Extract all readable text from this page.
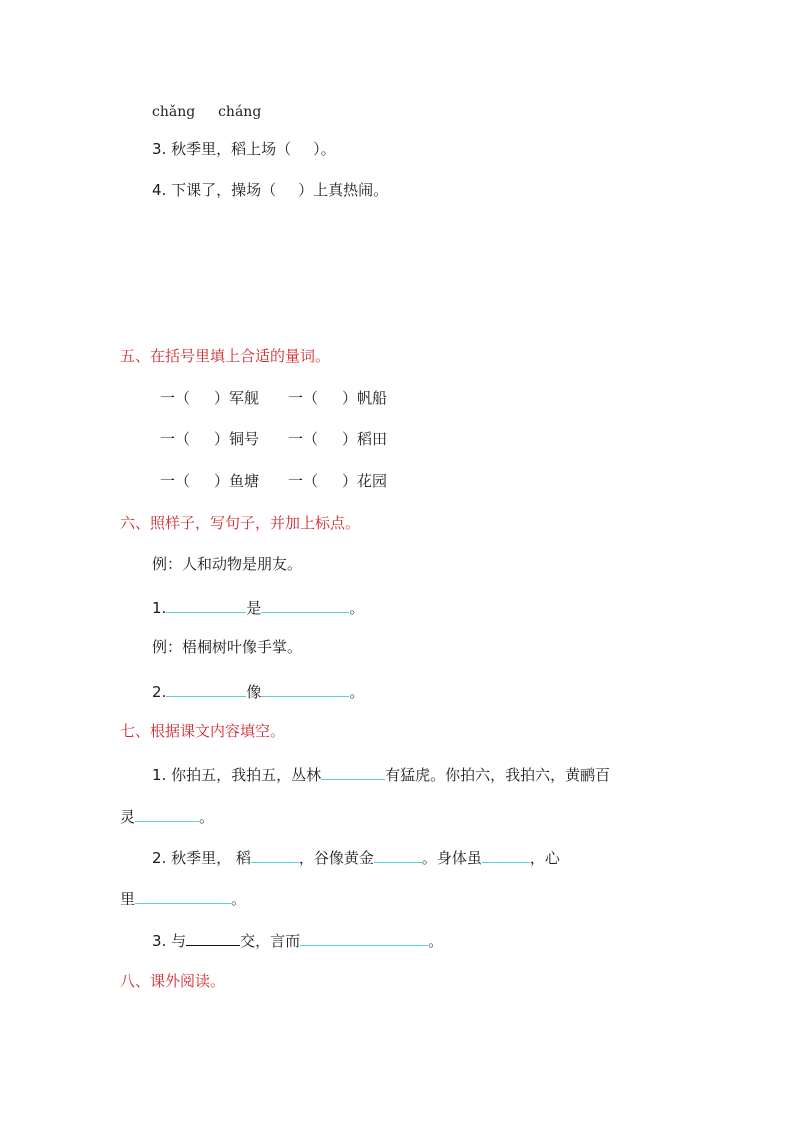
chǎng cháng
3. 秋季里，稻上场（ ）。
4. 下课了，操场（ ）上真热闹。
五、在括号里填上合适的量词。
一（ ）军舰 一（ ）帆船
一（ ）铜号 一（ ）稻田
一（ ）鱼塘 一（ ）花园
六、照样子，写句子，并加上标点。
例：人和动物是朋友。
1.	是	。
例：梧桐树叶像手掌。
2.	像	。
七、根据课文内容填空。
1. 你拍五，我拍五，丛林	有猛虎。你拍六，我拍六，黄鹂百
灵	。
2. 秋季里， 稻	，谷像黄金	。身体虽	，心
里	。
3. 与	交，言而	。
八、课外阅读。
